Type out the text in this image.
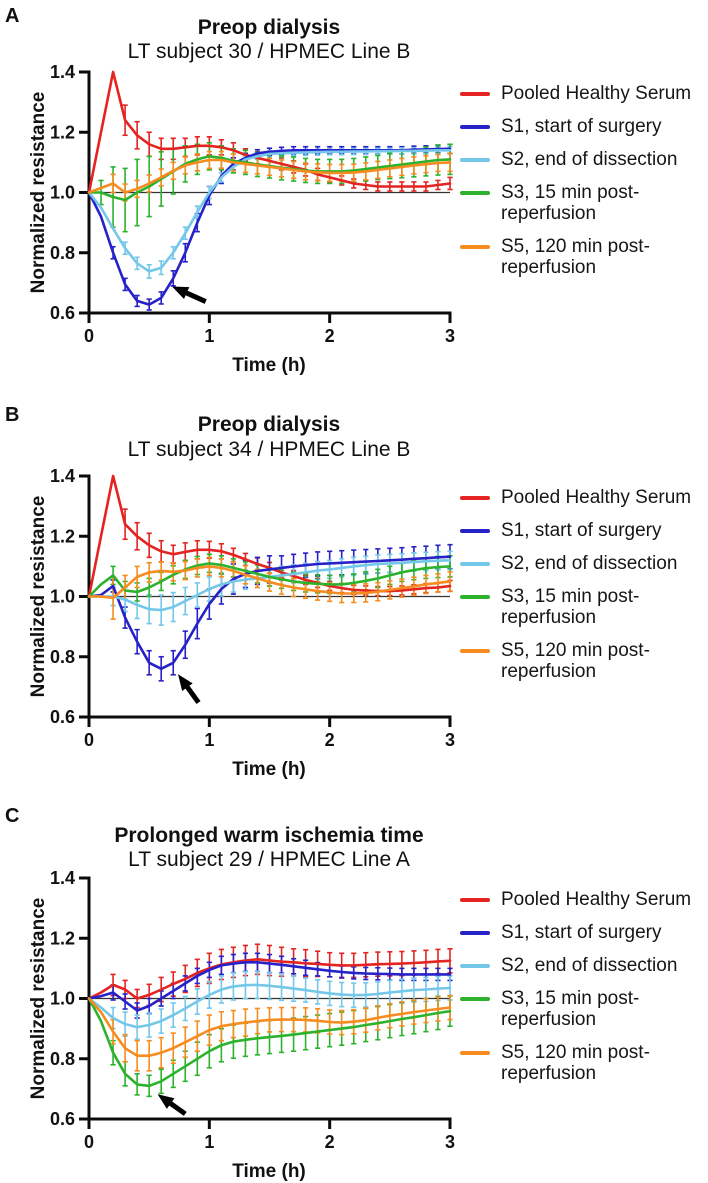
A	Preop dialysis
LT subject 30 / HPMEC Line B
Normalized resistance
Time (h)
0	1	2	3
0.6
0.8
1.0
1.2
1.4
Pooled Healthy Serum
S1, start of surgery
S2, end of dissection
S3, 15 min post-
reperfusion
S5, 120 min post-
reperfusion
B	Preop dialysis
LT subject 34 / HPMEC Line B
Normalized resistance
Time (h)
0	1	2	3
0.6
0.8
1.0
1.2
1.4
Pooled Healthy Serum
S1, start of surgery
S2, end of dissection
S3, 15 min post-
reperfusion
S5, 120 min post-
reperfusion
C
Prolonged warm ischemia time
LT subject 29 / HPMEC Line A
Normalized resistance
Time (h)
0	1	2	3
0.6
0.8
1.0
1.2
1.4
Pooled Healthy Serum
S1, start of surgery
S2, end of dissection
S3, 15 min post-
reperfusion
S5, 120 min post-
reperfusion
